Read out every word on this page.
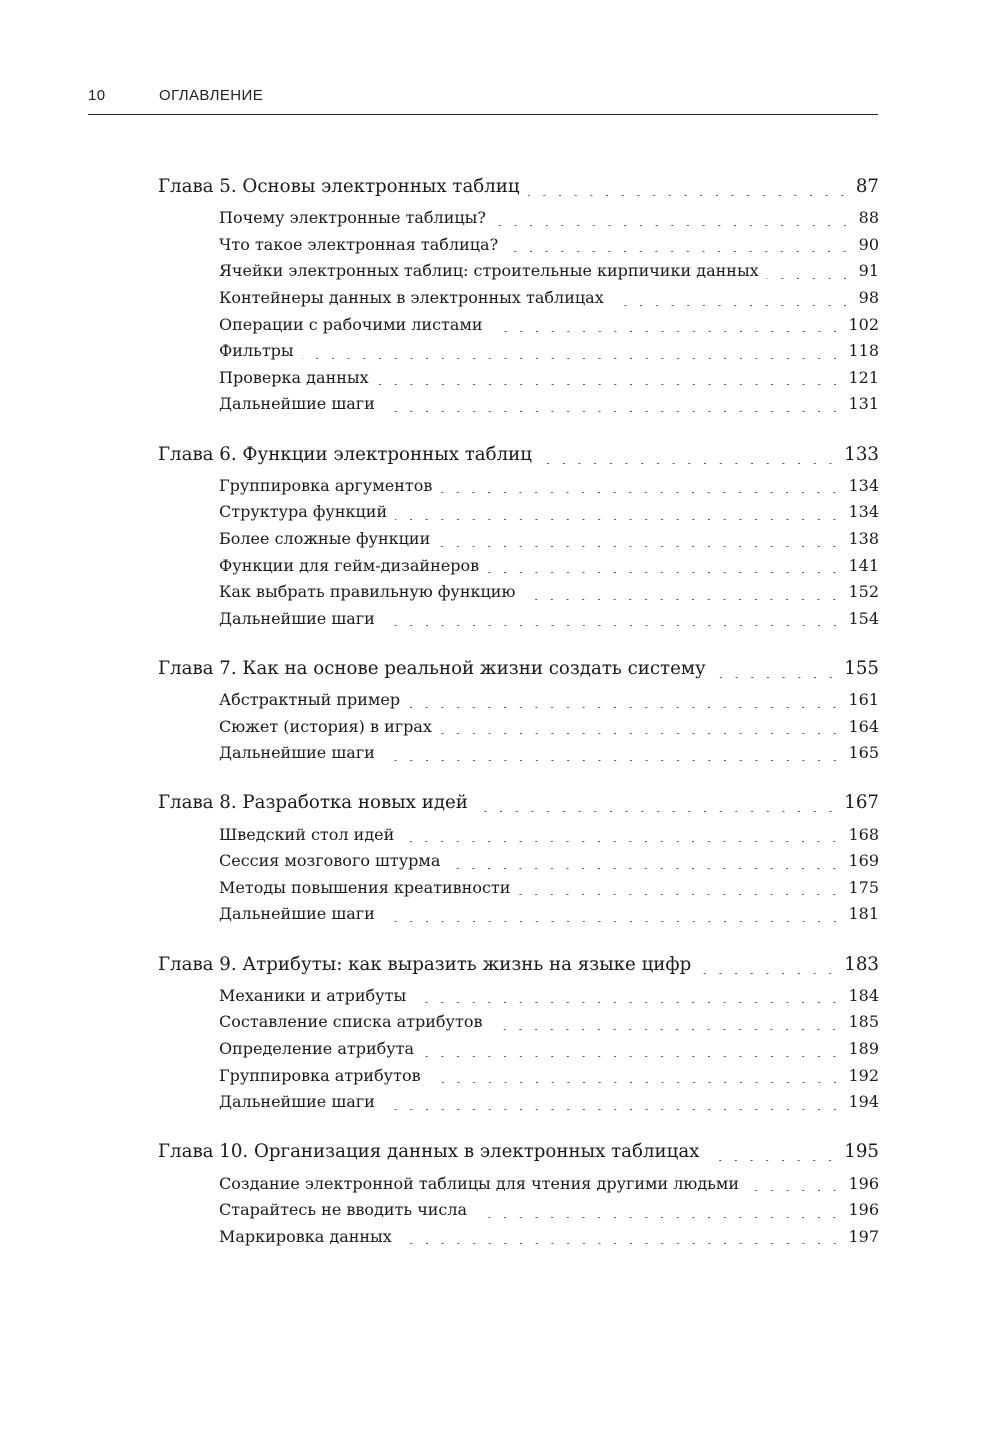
10	ОГЛАВЛЕНИЕ
Глава 5. Основы электронных таблиц	87
Почему электронные таблицы?	88
Что такое электронная таблица?	90
Ячейки электронных таблиц: строительные кирпичики данных	91
Контейнеры данных в электронных таблицах	98
Операции с рабочими листами	102
Фильтры	118
Проверка данных	121
Дальнейшие шаги	131
Глава 6. Функции электронных таблиц	133
Группировка аргументов	134
Структура функций	134
Более сложные функции	138
Функции для гейм-дизайнеров	141
Как выбрать правильную функцию	152
Дальнейшие шаги	154
Глава 7. Как на основе реальной жизни создать систему	155
Абстрактный пример	161
Сюжет (история) в играх	164
Дальнейшие шаги	165
Глава 8. Разработка новых идей	167
Шведский стол идей	168
Сессия мозгового штурма	169
Методы повышения креативности	175
Дальнейшие шаги	181
Глава 9. Атрибуты: как выразить жизнь на языке цифр	183
Механики и атрибуты	184
Составление списка атрибутов	185
Определение атрибута	189
Группировка атрибутов	192
Дальнейшие шаги	194
Глава 10. Организация данных в электронных таблицах	195
Создание электронной таблицы для чтения другими людьми	196
Старайтесь не вводить числа	196
Маркировка данных	197
